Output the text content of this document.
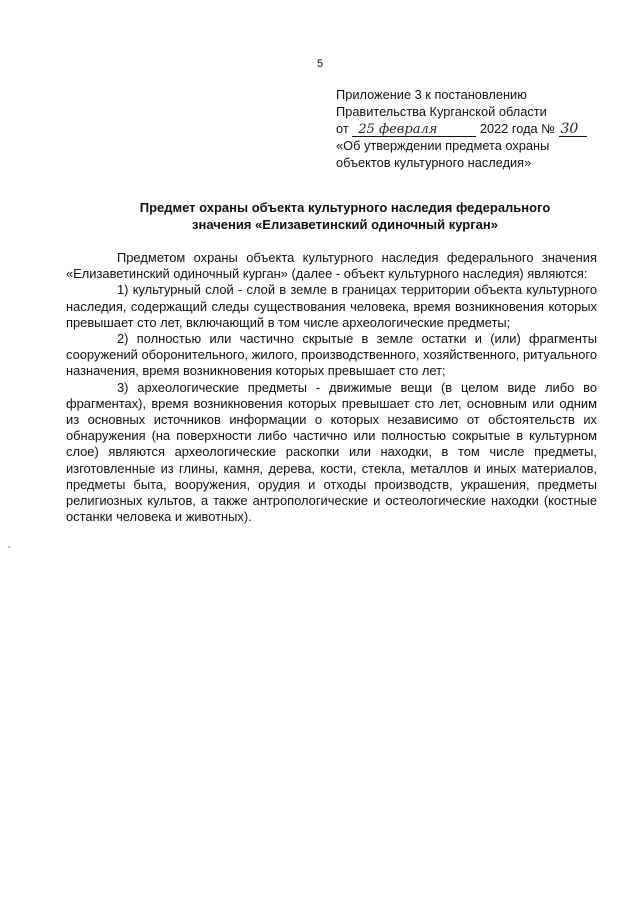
5
Приложение 3 к постановлению
Правительства Курганской области
от 25 февраля	2022 года № 30
«Об утверждении предмета охраны
объектов культурного наследия»
Предмет охраны объекта культурного наследия федерального
значения «Елизаветинский одиночный курган»

Предметом охраны объекта культурного наследия федерального значения «Елизаветинский одиночный курган» (далее - объект культурного наследия) являются:

1) культурный слой - слой в земле в границах территории объекта культурного наследия, содержащий следы существования человека, время возникновения которых превышает сто лет, включающий в том числе археологические предметы;

2) полностью или частично скрытые в земле остатки и (или) фрагменты сооружений оборонительного, жилого, производственного, хозяйственного, ритуального назначения, время возникновения которых превышает сто лет;

3) археологические предметы - движимые вещи (в целом виде либо во фрагментах), время возникновения которых превышает сто лет, основным или одним из основных источников информации о которых независимо от обстоятельств их обнаружения (на поверхности либо частично или полностью сокрытые в культурном слое) являются археологические раскопки или находки, в том числе предметы, изготовленные из глины, камня, дерева, кости, стекла, металлов и иных материалов, предметы быта, вооружения, орудия и отходы производств, украшения, предметы религиозных культов, а также антропологические и остеологические находки (костные останки человека и животных).
